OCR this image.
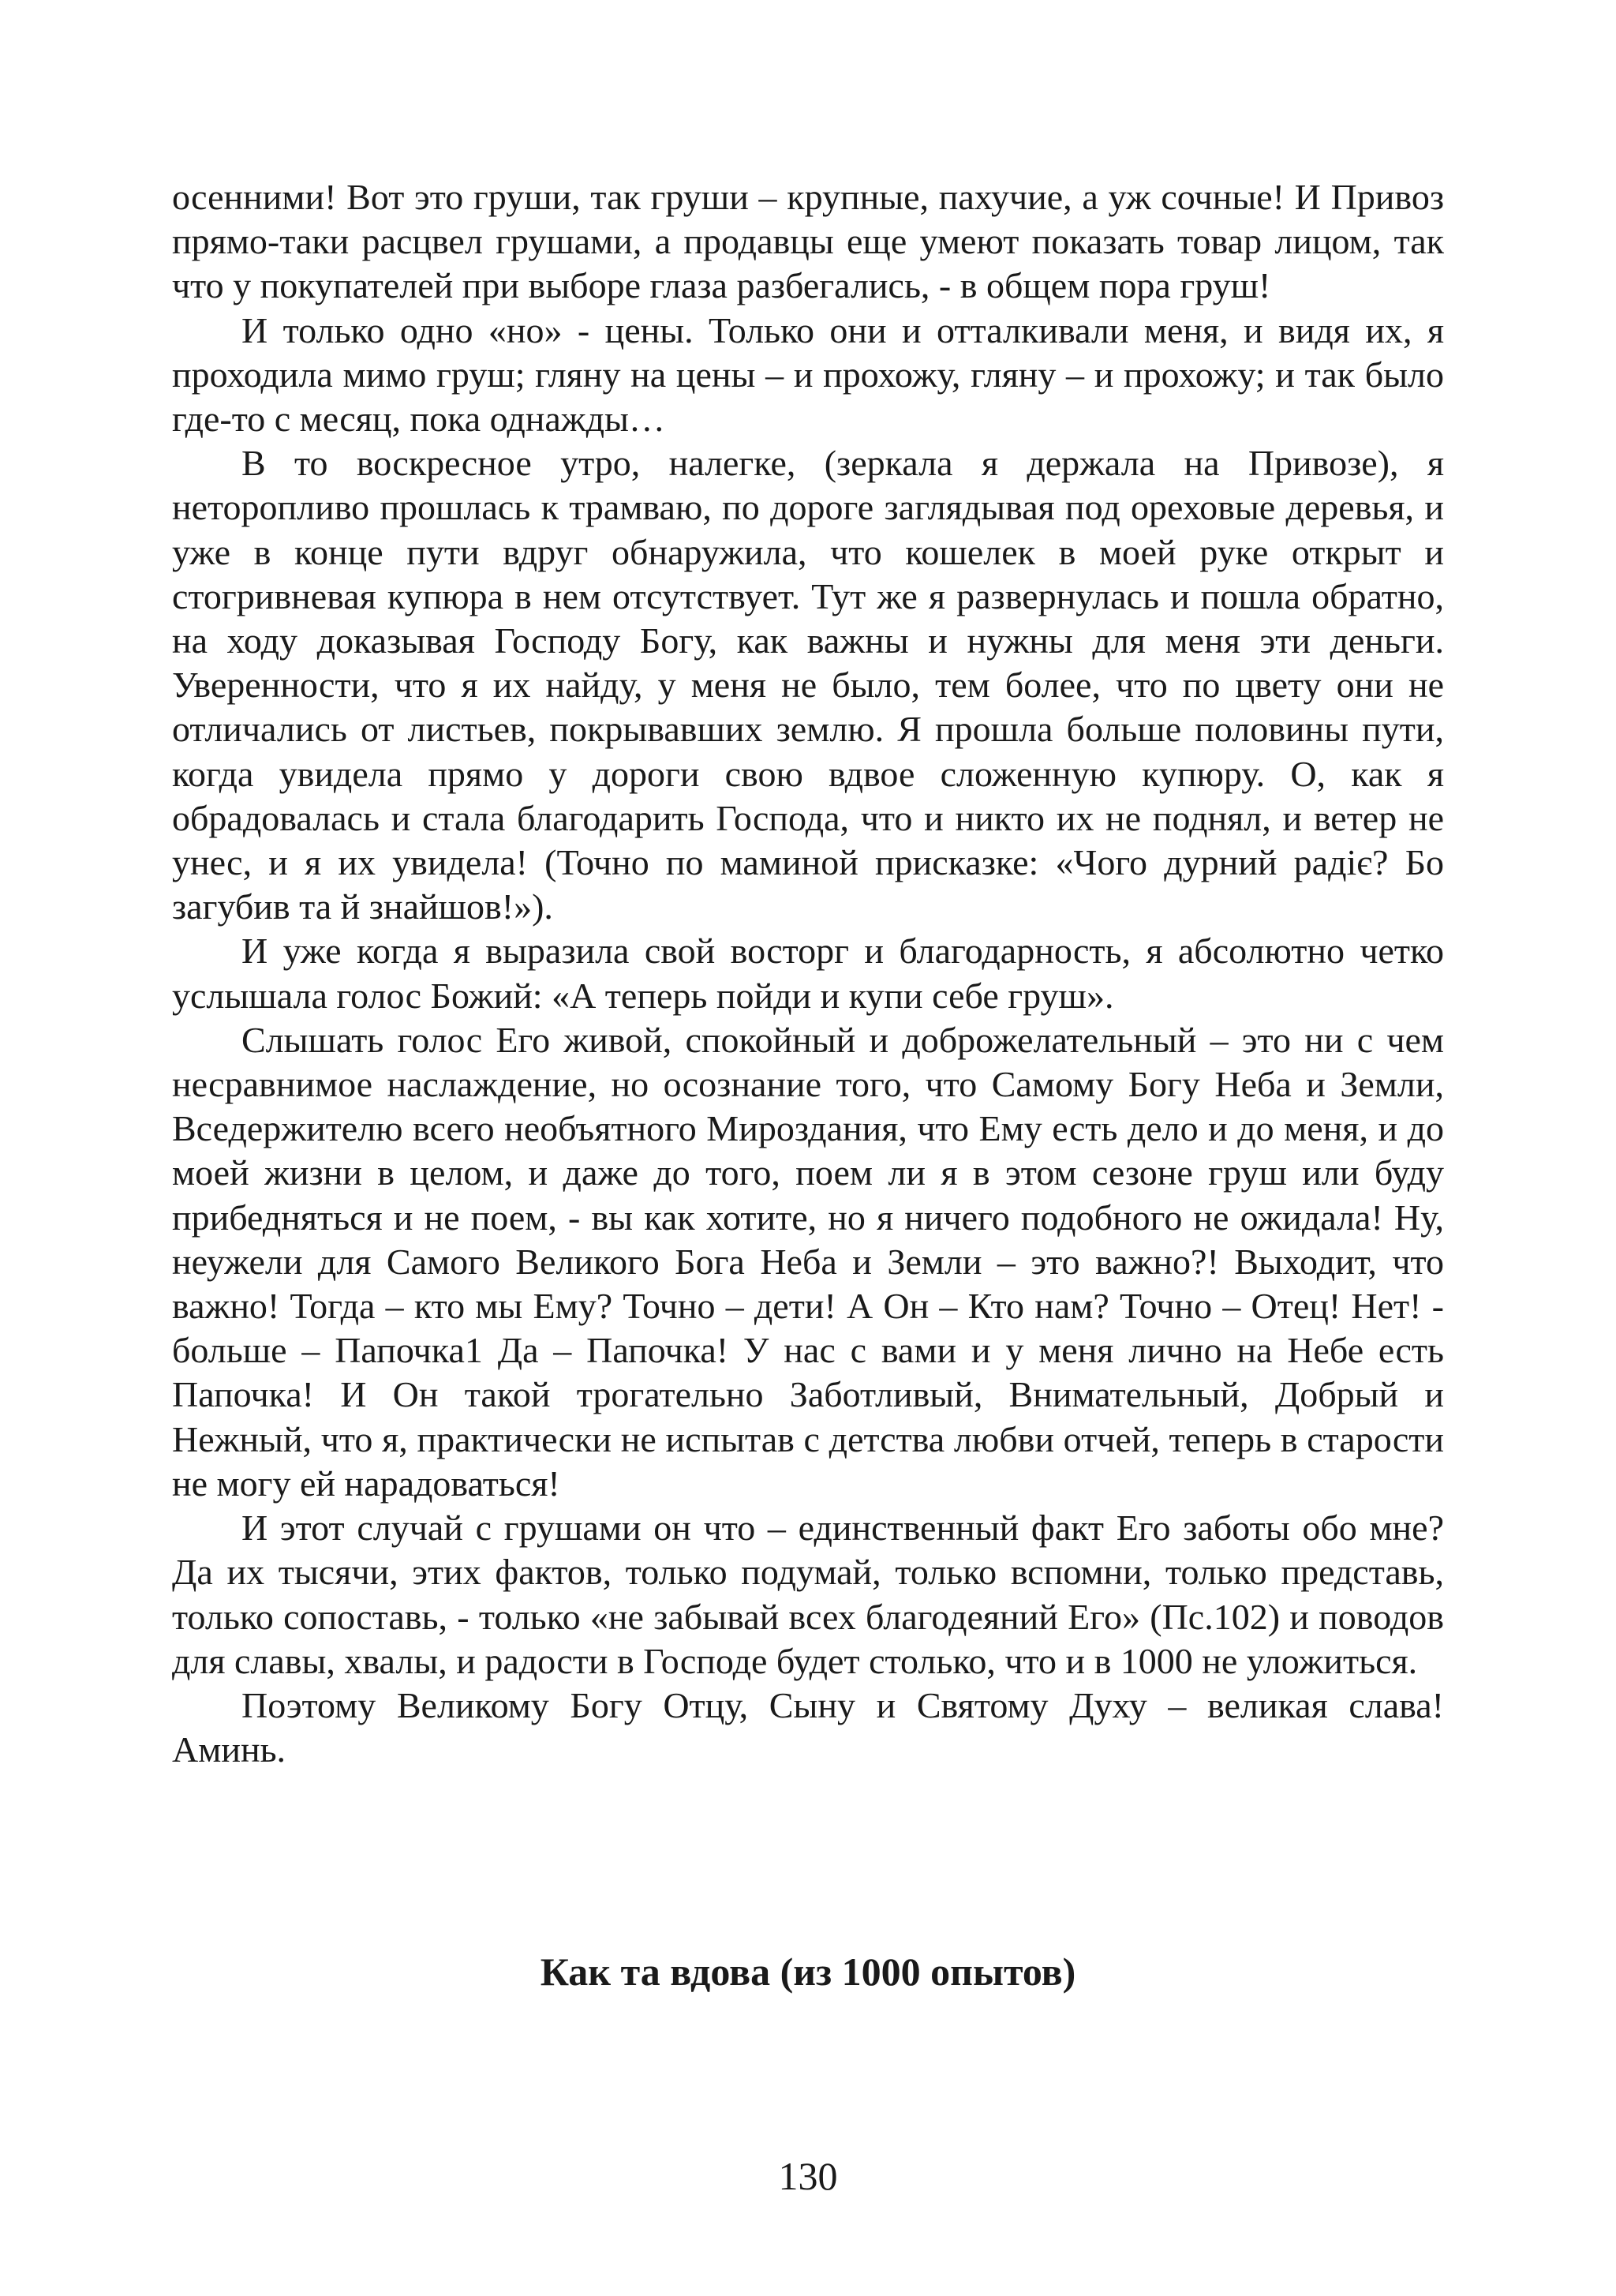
осенними! Вот это груши, так груши – крупные, пахучие, а уж сочные! И Привоз прямо-таки расцвел грушами, а продавцы еще умеют показать товар лицом, так что у покупателей при выборе глаза разбегались, - в общем пора груш!

И только одно «но» - цены. Только они и отталкивали меня, и видя их, я проходила мимо груш; гляну на цены – и прохожу, гляну – и прохожу; и так было где-то с месяц, пока однажды…

В то воскресное утро, налегке, (зеркала я держала на Привозе), я неторопливо прошлась к трамваю, по дороге заглядывая под ореховые деревья, и уже в конце пути вдруг обнаружила, что кошелек в моей руке открыт и стогривневая купюра в нем отсутствует. Тут же я развернулась и пошла обратно, на ходу доказывая Господу Богу, как важны и нужны для меня эти деньги. Уверенности, что я их найду, у меня не было, тем более, что по цвету они не отличались от листьев, покрывавших землю. Я прошла больше половины пути, когда увидела прямо у дороги свою вдвое сложенную купюру. О, как я обрадовалась и стала благодарить Господа, что и никто их не поднял, и ветер не унес, и я их увидела! (Точно по маминой присказке: «Чого дурний радіє? Бо загубив та й знайшов!»).

И уже когда я выразила свой восторг и благодарность, я абсолютно четко услышала голос Божий: «А теперь пойди и купи себе груш».

Слышать голос Его живой, спокойный и доброжелательный – это ни с чем несравнимое наслаждение, но осознание того, что Самому Богу Неба и Земли, Вседержителю всего необъятного Мироздания, что Ему есть дело и до меня, и до моей жизни в целом, и даже до того, поем ли я в этом сезоне груш или буду прибедняться и не поем, - вы как хотите, но я ничего подобного не ожидала! Ну, неужели для Самого Великого Бога Неба и Земли – это важно?! Выходит, что важно! Тогда – кто мы Ему? Точно – дети! А Он – Кто нам? Точно – Отец! Нет! - больше – Папочка1 Да – Папочка! У нас с вами и у меня лично на Небе есть Папочка! И Он такой трогательно Заботливый, Внимательный, Добрый и Нежный, что я, практически не испытав с детства любви отчей, теперь в старости не могу ей нарадоваться!

И этот случай с грушами он что – единственный факт Его заботы обо мне? Да их тысячи, этих фактов, только подумай, только вспомни, только представь, только сопоставь, - только «не забывай всех благодеяний Его» (Пс.102) и поводов для славы, хвалы, и радости в Господе будет столько, что и в 1000 не уложиться.

Поэтому Великому Богу Отцу, Сыну и Святому Духу – великая слава! Аминь.

Как та вдова (из 1000 опытов)
130
